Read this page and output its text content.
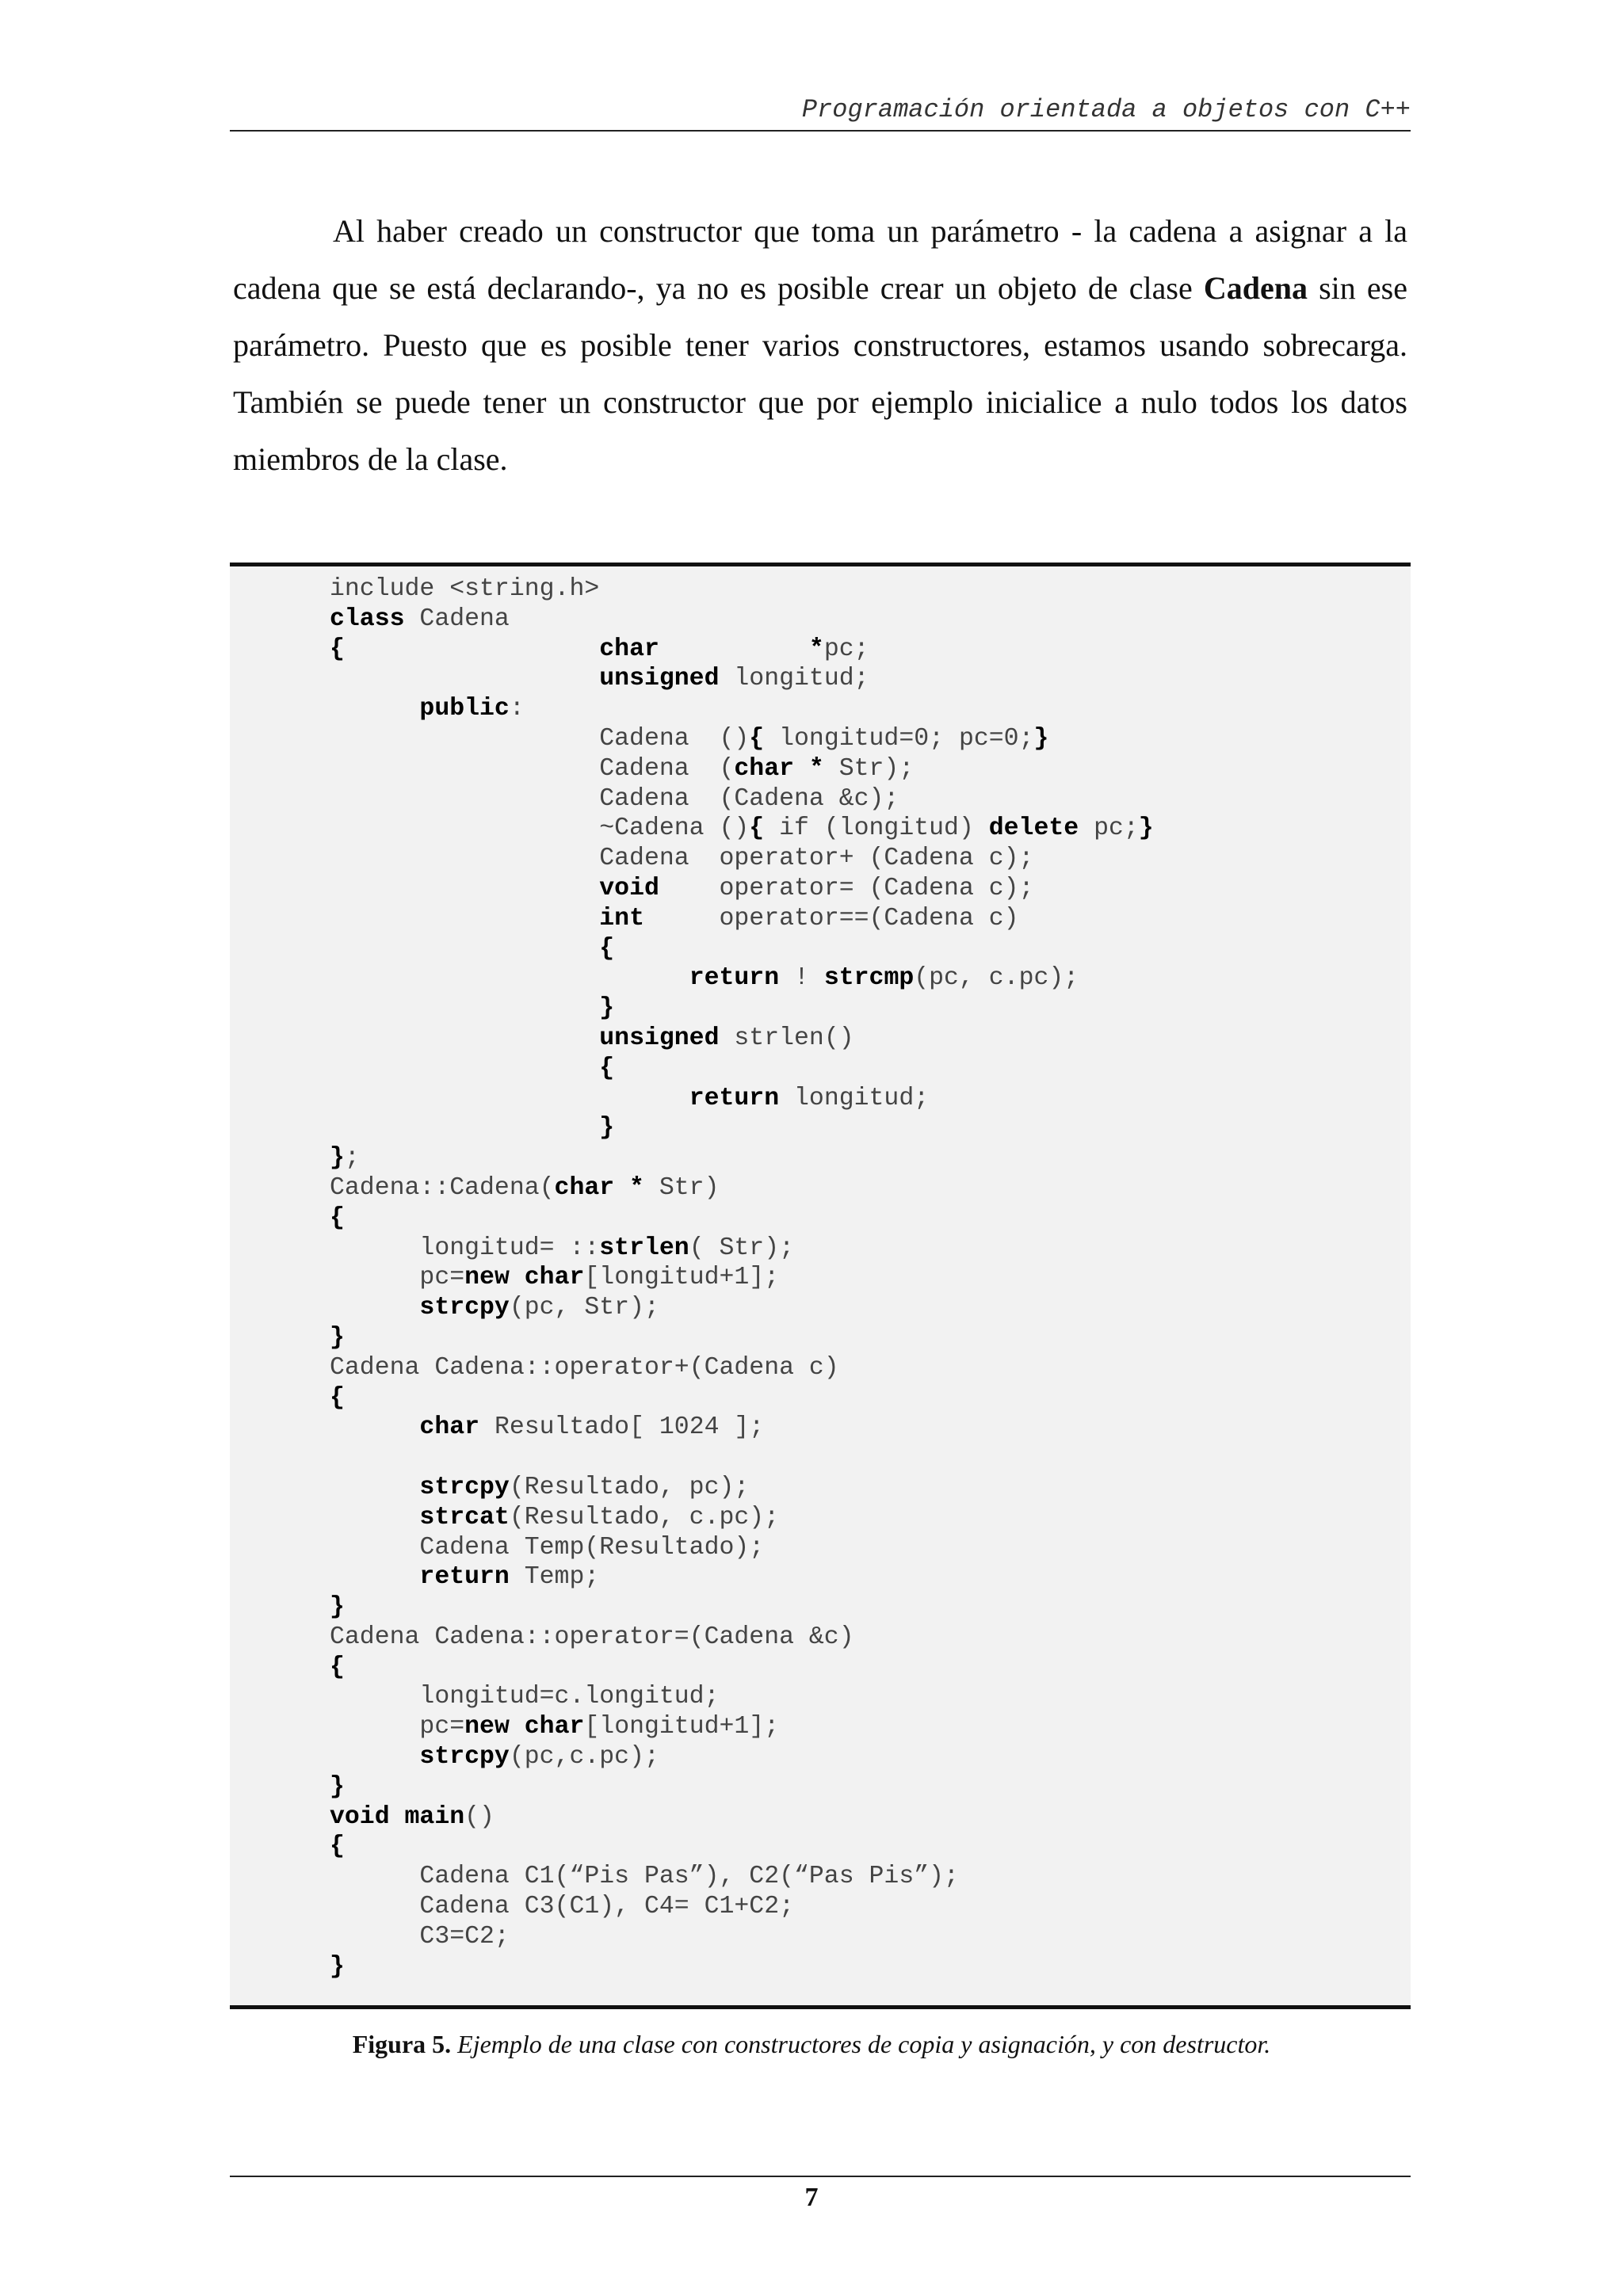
Programación orientada a objetos con C++

Al haber creado un constructor que toma un parámetro - la cadena a asignar a la cadena que se está declarando-, ya no es posible crear un objeto de clase Cadena sin ese parámetro. Puesto que es posible tener varios constructores, estamos usando sobrecarga. También se puede tener un constructor que por ejemplo inicialice a nulo todos los datos miembros de la clase.

include <string.h>
class Cadena
{	char	*pc;
unsigned longitud;
public:
Cadena  (){ longitud=0; pc=0;}
Cadena  (char * Str);
Cadena  (Cadena &c);
~Cadena (){ if (longitud) delete pc;}
Cadena  operator+ (Cadena c);
void    operator= (Cadena c);
int     operator==(Cadena c)
{
return ! strcmp(pc, c.pc);
}
unsigned strlen()
{
return longitud;
}
};
Cadena::Cadena(char * Str)
{
longitud= ::strlen( Str);
pc=new char[longitud+1];
strcpy(pc, Str);
}
Cadena Cadena::operator+(Cadena c)
{
char Resultado[ 1024 ];

strcpy(Resultado, pc);
strcat(Resultado, c.pc);
Cadena Temp(Resultado);
return Temp;
}
Cadena Cadena::operator=(Cadena &c)
{
longitud=c.longitud;
pc=new char[longitud+1];
strcpy(pc,c.pc);
}
void main()
{
Cadena C1(“Pis Pas”), C2(“Pas Pis”);
Cadena C3(C1), C4= C1+C2;
C3=C2;
}
Figura 5. Ejemplo de una clase con constructores de copia y asignación, y con destructor.
7
